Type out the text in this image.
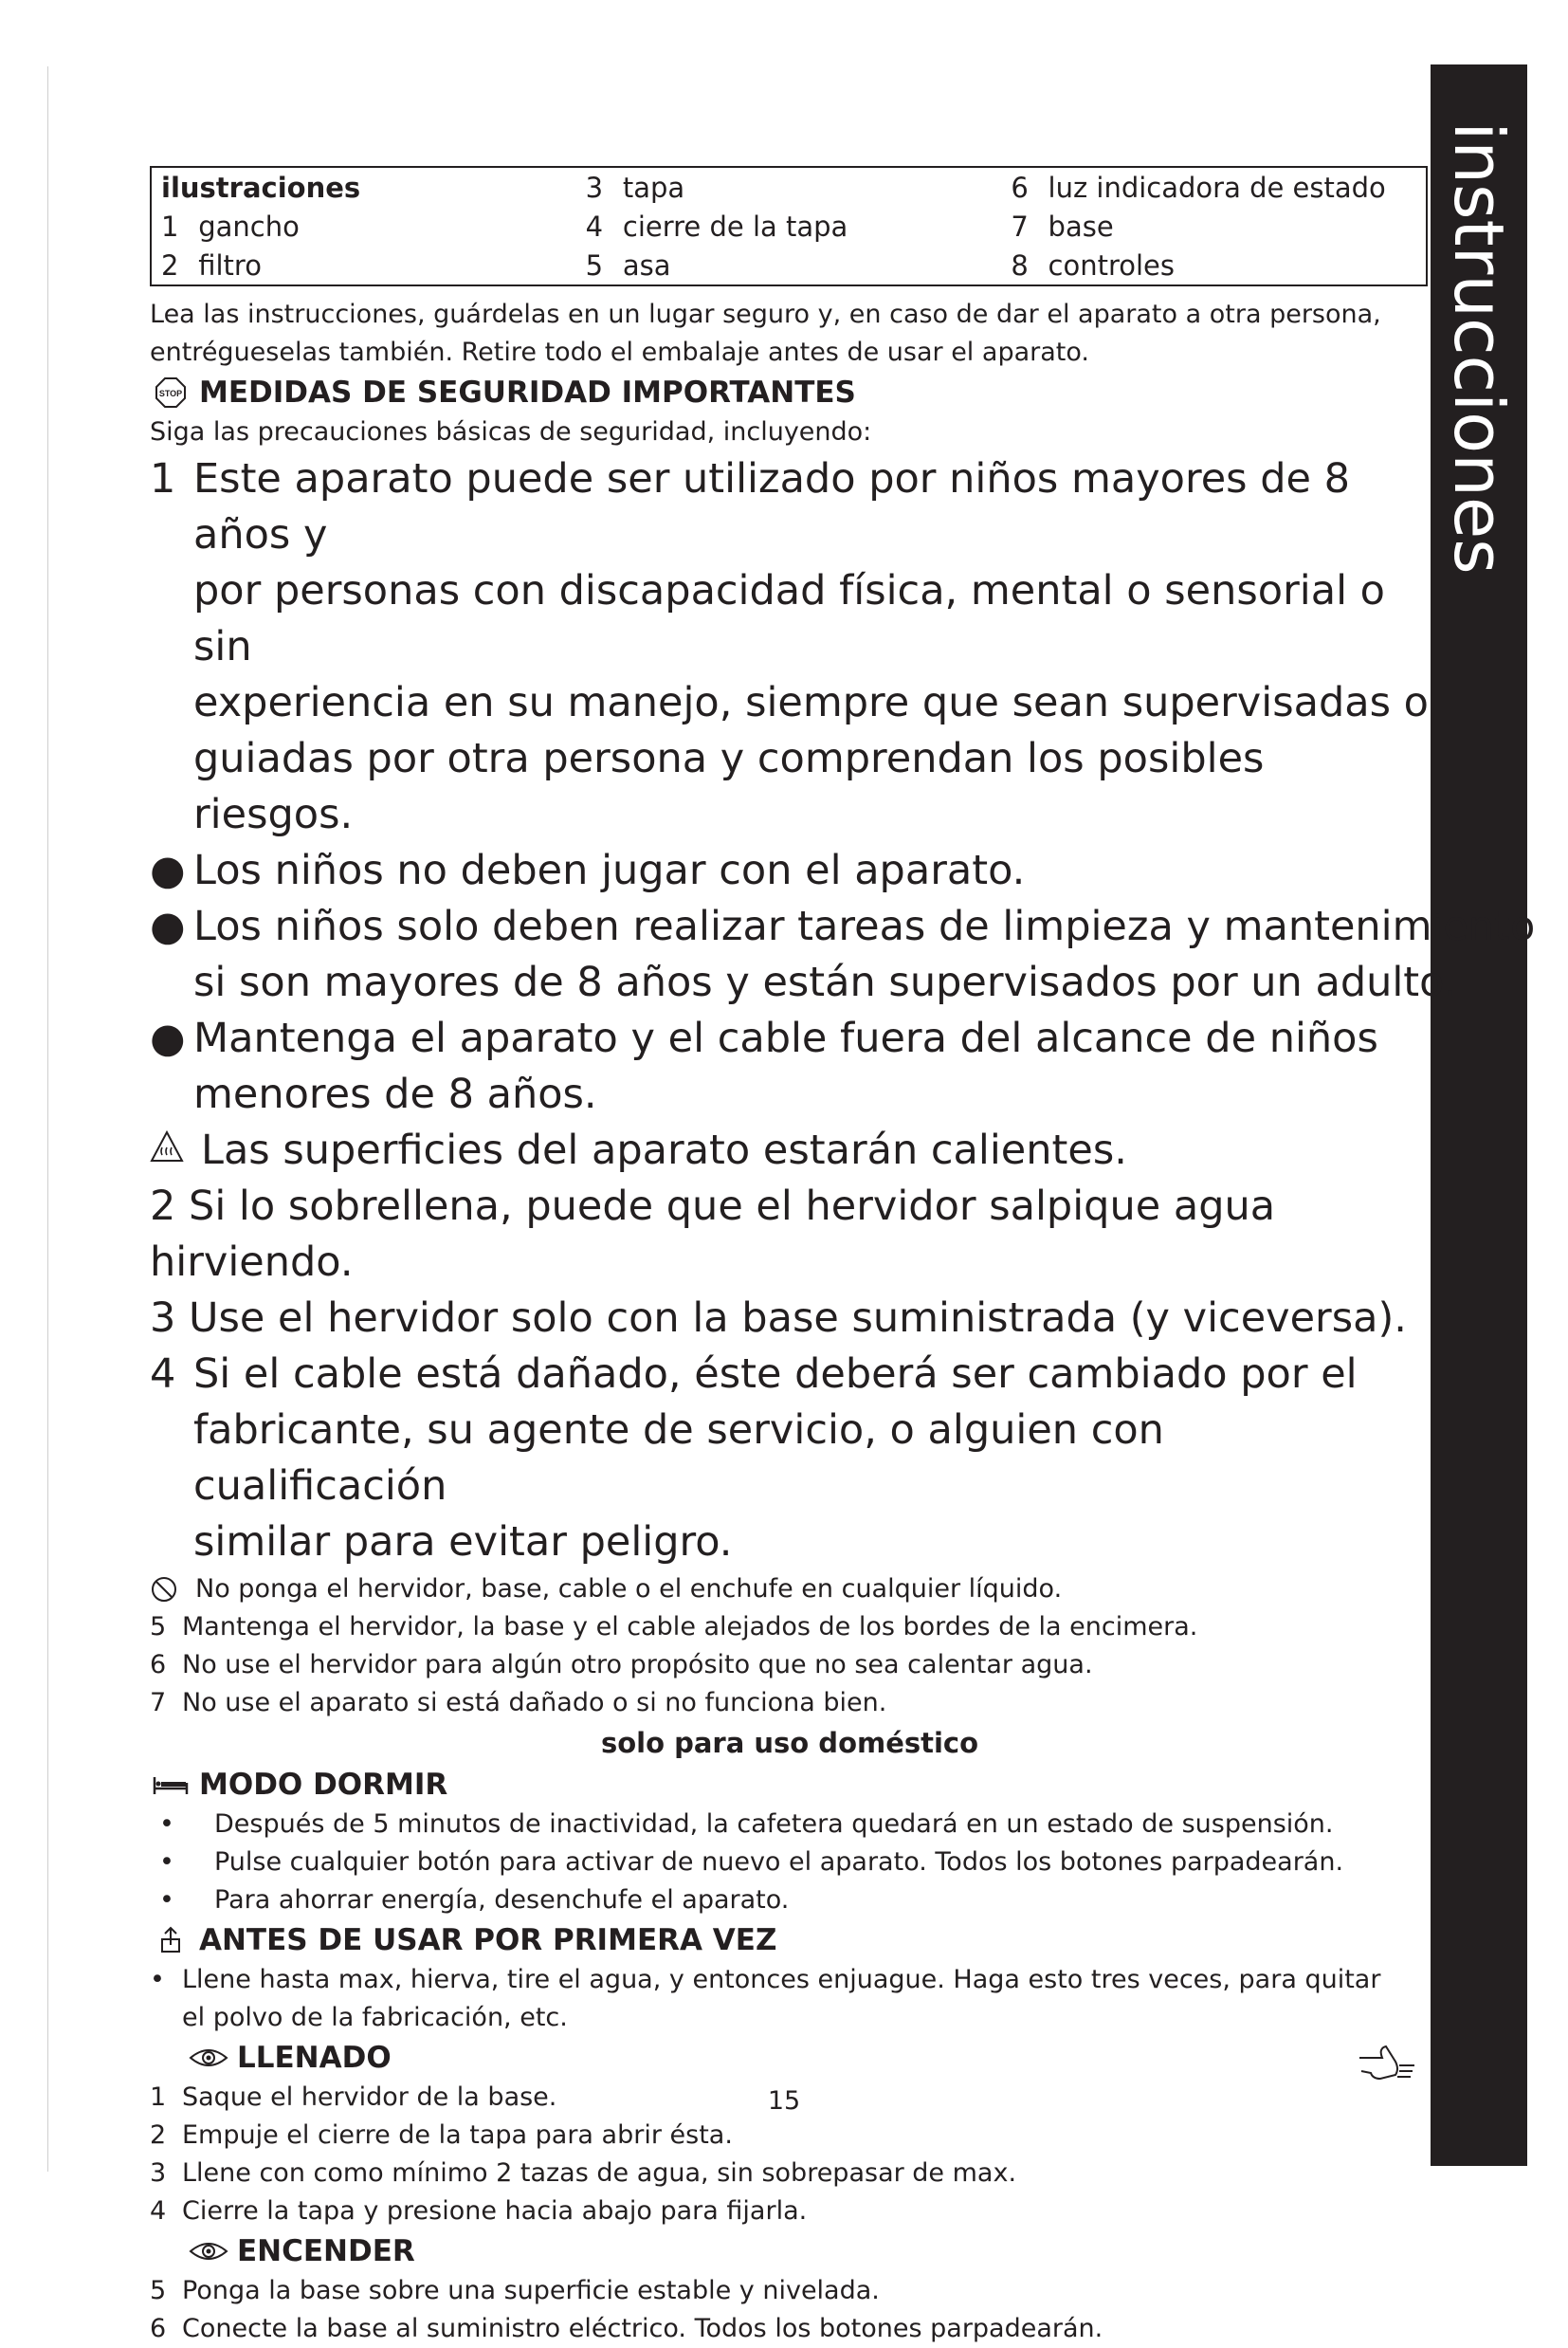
instrucciones
ilustraciones	3 tapa	6 luz indicadora de estado
1 gancho	4 cierre de la tapa	7 base
2 filtro	5 asa	8 controles
Lea las instrucciones, guárdelas en un lugar seguro y, en caso de dar el aparato a otra persona,
entrégueselas también. Retire todo el embalaje antes de usar el aparato.
STOP MEDIDAS DE SEGURIDAD IMPORTANTES
Siga las precauciones básicas de seguridad, incluyendo:
1 Este aparato puede ser utilizado por niños mayores de 8 años y
por personas con discapacidad física, mental o sensorial o sin
experiencia en su manejo, siempre que sean supervisadas o
guiadas por otra persona y comprendan los posibles riesgos.
● Los niños no deben jugar con el aparato.
● Los niños solo deben realizar tareas de limpieza y mantenimiento
si son mayores de 8 años y están supervisados por un adulto.
● Mantenga el aparato y el cable fuera del alcance de niños
menores de 8 años.
Las superficies del aparato estarán calientes.
2 Si lo sobrellena, puede que el hervidor salpique agua hirviendo.
3 Use el hervidor solo con la base suministrada (y viceversa).
4 Si el cable está dañado, éste deberá ser cambiado por el
fabricante, su agente de servicio, o alguien con cualificación
similar para evitar peligro.
No ponga el hervidor, base, cable o el enchufe en cualquier líquido.
5 Mantenga el hervidor, la base y el cable alejados de los bordes de la encimera.
6 No use el hervidor para algún otro propósito que no sea calentar agua.
7 No use el aparato si está dañado o si no funciona bien.
solo para uso doméstico
MODO DORMIR
•	Después de 5 minutos de inactividad, la cafetera quedará en un estado de suspensión.
•	Pulse cualquier botón para activar de nuevo el aparato. Todos los botones parpadearán.
•	Para ahorrar energía, desenchufe el aparato.
ANTES DE USAR POR PRIMERA VEZ
• Llene hasta max, hierva, tire el agua, y entonces enjuague. Haga esto tres veces, para quitar
el polvo de la fabricación, etc.
LLENADO
1 Saque el hervidor de la base.
2 Empuje el cierre de la tapa para abrir ésta.
3 Llene con como mínimo 2 tazas de agua, sin sobrepasar de max.
4 Cierre la tapa y presione hacia abajo para fijarla.
ENCENDER
5 Ponga la base sobre una superficie estable y nivelada.
6 Conecte la base al suministro eléctrico. Todos los botones parpadearán.
15
